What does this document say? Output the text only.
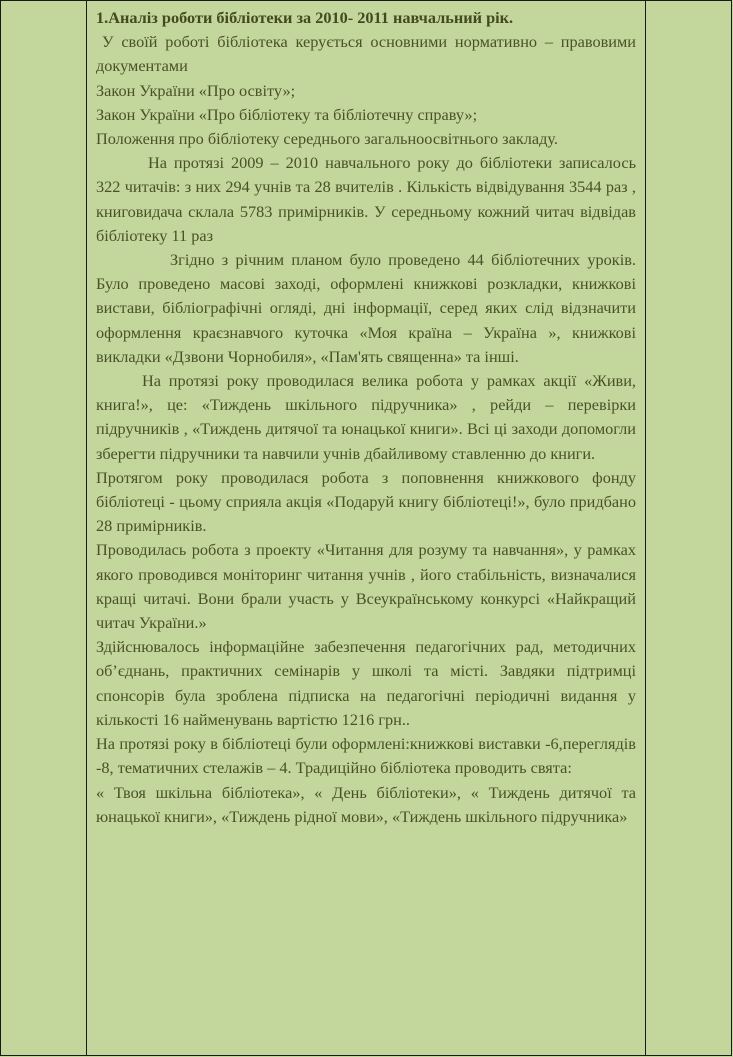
1.Аналіз роботи бібліотеки за 2010- 2011 навчальний рік.

У своїй роботі бібліотека керується основними нормативно – правовими документами

Закон України «Про освіту»;

Закон України «Про бібліотеку та бібліотечну справу»;

Положення про бібліотеку середнього загальноосвітнього закладу.

На протязі 2009 – 2010 навчального року до бібліотеки записалось 322 читачів: з них 294 учнів та 28 вчителів . Кількість відвідування 3544 раз , книговидача склала 5783 примірників. У середньому кожний читач відвідав бібліотеку 11 раз

Згідно з річним планом було проведено 44 бібліотечних уроків. Було проведено масові заході, оформлені книжкові розкладки, книжкові вистави, бібліографічні огляді, дні інформації, серед яких слід відзначити оформлення краєзнавчого куточка «Моя країна – Україна », книжкові викладки «Дзвони Чорнобиля», «Пам'ять священна» та інші.

На протязі року проводилася велика робота у рамках акції «Живи, книга!», це: «Тиждень шкільного підручника» , рейди – перевірки підручників , «Тиждень дитячої та юнацької книги». Всі ці заходи допомогли зберегти підручники та навчили учнів дбайливому ставленню до книги.

Протягом року проводилася робота з поповнення книжкового фонду бібліотеці - цьому сприяла акція «Подаруй книгу бібліотеці!», було придбано 28 примірників.

Проводилась робота з проекту «Читання для розуму та навчання», у рамках якого проводився моніторинг читання учнів , його стабільність, визначалися кращі читачі. Вони брали участь у Всеукраїнському конкурсі «Найкращий читач України.»

Здійснювалось інформаційне забезпечення педагогічних рад, методичних об’єднань, практичних семінарів у школі та місті. Завдяки підтримці спонсорів була зроблена підписка на педагогічні періодичні видання у кількості 16 найменувань вартістю 1216 грн..

На протязі року в бібліотеці були оформлені:книжкові виставки -6,переглядів -8, тематичних стелажів – 4. Традиційно бібліотека проводить свята:

« Твоя шкільна бібліотека», « День бібліотеки», « Тиждень дитячої та юнацької книги», «Тиждень рідної мови», «Тиждень шкільного підручника»
